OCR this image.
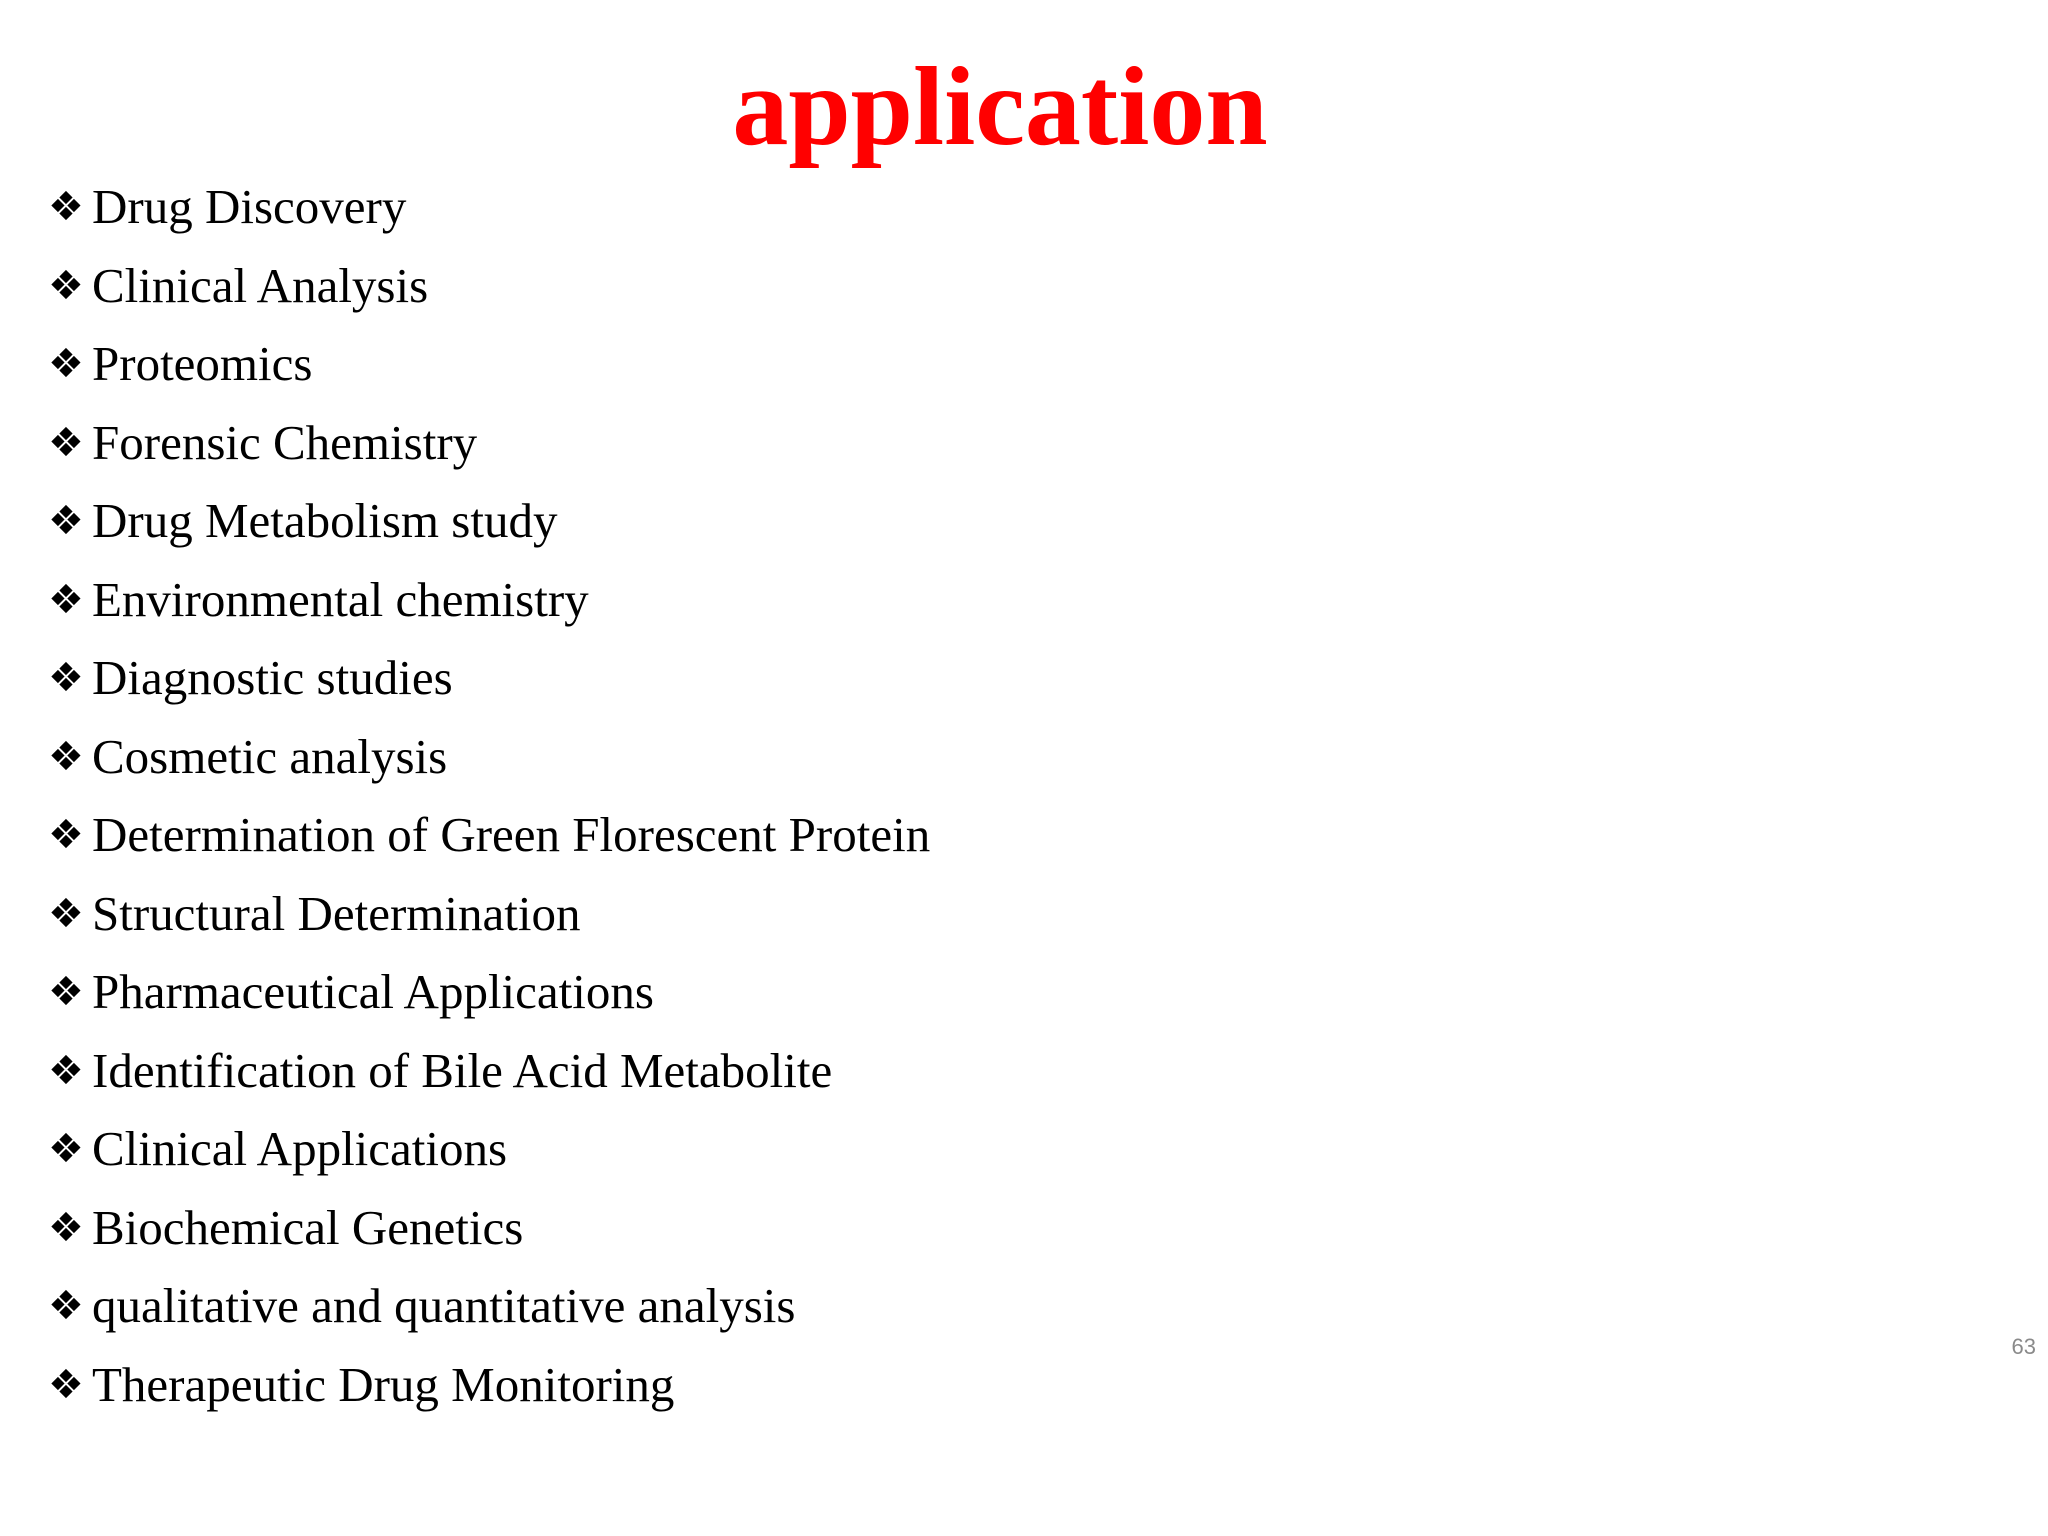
application
❖ Drug Discovery
❖ Clinical Analysis
❖ Proteomics
❖ Forensic Chemistry
❖ Drug Metabolism study
❖ Environmental chemistry
❖ Diagnostic studies
❖ Cosmetic analysis
❖ Determination of Green Florescent Protein
❖ Structural Determination
❖ Pharmaceutical Applications
❖ Identification of Bile Acid Metabolite
❖ Clinical Applications
❖ Biochemical Genetics
❖ qualitative and quantitative analysis
❖ Therapeutic Drug Monitoring
63
